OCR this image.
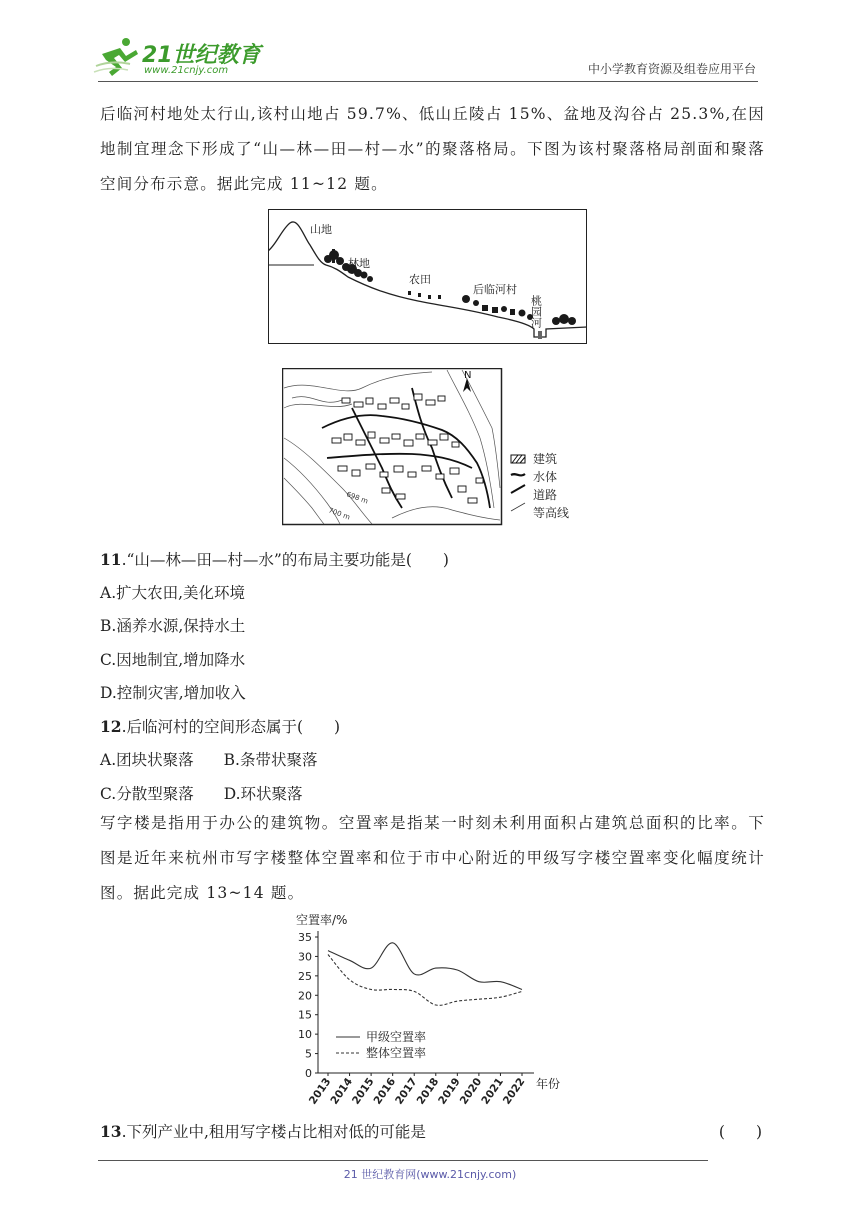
21世纪教育
www.21cnjy.com	中小学教育资源及组卷应用平台

后临河村地处太行山,该村山地占 59.7%、低山丘陵占 15%、盆地及沟谷占 25.3%,在因地制宜理念下形成了“山—林—田—村—水”的聚落格局。下图为该村聚落格局剖面和聚落空间分布示意。据此完成 11~12 题。

山地
林地
农田
后临河村
桃园河
N
698 m
700 m
建筑
水体
道路
等高线
11.“山—林—田—村—水”的布局主要功能是(　　)
A.扩大农田,美化环境
B.涵养水源,保持水土
C.因地制宜,增加降水
D.控制灾害,增加收入
12.后临河村的空间形态属于(　　)
A.团块状聚落 B.条带状聚落
C.分散型聚落 D.环状聚落

写字楼是指用于办公的建筑物。空置率是指某一时刻未利用面积占建筑总面积的比率。下图是近年来杭州市写字楼整体空置率和位于市中心附近的甲级写字楼空置率变化幅度统计图。据此完成 13~14 题。

空置率/%
0
5
10
15
20
25
30
35
2013
2014
2015
2016
2017
2018
2019
2020
2021
2022 年份
甲级空置率
整体空置率
13.下列产业中,租用写字楼占比相对低的可能是	(　　)
21 世纪教育网(www.21cnjy.com)
